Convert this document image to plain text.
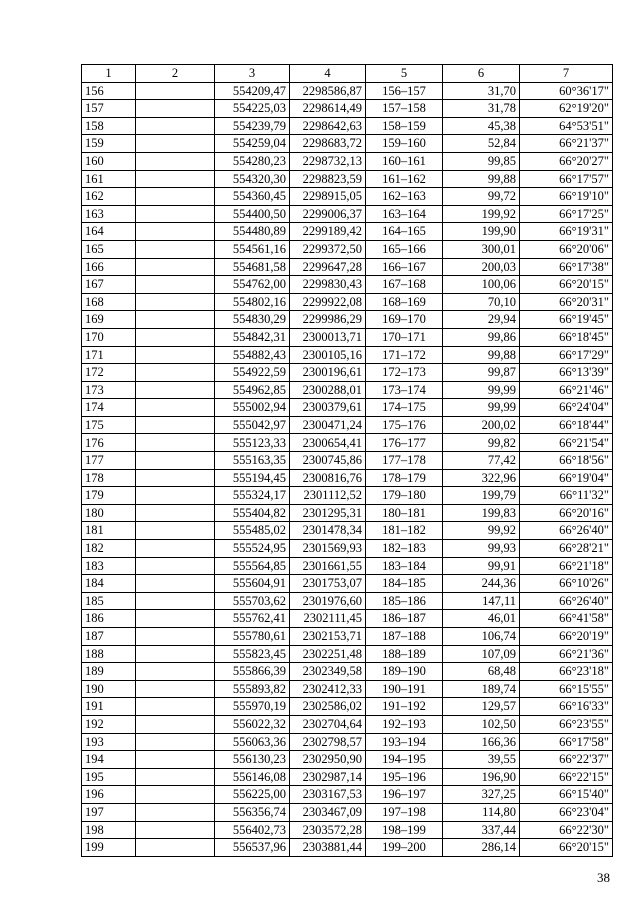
1	2	3	4	5	6	7
156		554209,47	2298586,87	156–157	31,70	60°36'17"
157		554225,03	2298614,49	157–158	31,78	62°19'20"
158		554239,79	2298642,63	158–159	45,38	64°53'51"
159		554259,04	2298683,72	159–160	52,84	66°21'37"
160		554280,23	2298732,13	160–161	99,85	66°20'27"
161		554320,30	2298823,59	161–162	99,88	66°17'57"
162		554360,45	2298915,05	162–163	99,72	66°19'10"
163		554400,50	2299006,37	163–164	199,92	66°17'25"
164		554480,89	2299189,42	164–165	199,90	66°19'31"
165		554561,16	2299372,50	165–166	300,01	66°20'06"
166		554681,58	2299647,28	166–167	200,03	66°17'38"
167		554762,00	2299830,43	167–168	100,06	66°20'15"
168		554802,16	2299922,08	168–169	70,10	66°20'31"
169		554830,29	2299986,29	169–170	29,94	66°19'45"
170		554842,31	2300013,71	170–171	99,86	66°18'45"
171		554882,43	2300105,16	171–172	99,88	66°17'29"
172		554922,59	2300196,61	172–173	99,87	66°13'39"
173		554962,85	2300288,01	173–174	99,99	66°21'46"
174		555002,94	2300379,61	174–175	99,99	66°24'04"
175		555042,97	2300471,24	175–176	200,02	66°18'44"
176		555123,33	2300654,41	176–177	99,82	66°21'54"
177		555163,35	2300745,86	177–178	77,42	66°18'56"
178		555194,45	2300816,76	178–179	322,96	66°19'04"
179		555324,17	2301112,52	179–180	199,79	66°11'32"
180		555404,82	2301295,31	180–181	199,83	66°20'16"
181		555485,02	2301478,34	181–182	99,92	66°26'40"
182		555524,95	2301569,93	182–183	99,93	66°28'21"
183		555564,85	2301661,55	183–184	99,91	66°21'18"
184		555604,91	2301753,07	184–185	244,36	66°10'26"
185		555703,62	2301976,60	185–186	147,11	66°26'40"
186		555762,41	2302111,45	186–187	46,01	66°41'58"
187		555780,61	2302153,71	187–188	106,74	66°20'19"
188		555823,45	2302251,48	188–189	107,09	66°21'36"
189		555866,39	2302349,58	189–190	68,48	66°23'18"
190		555893,82	2302412,33	190–191	189,74	66°15'55"
191		555970,19	2302586,02	191–192	129,57	66°16'33"
192		556022,32	2302704,64	192–193	102,50	66°23'55"
193		556063,36	2302798,57	193–194	166,36	66°17'58"
194		556130,23	2302950,90	194–195	39,55	66°22'37"
195		556146,08	2302987,14	195–196	196,90	66°22'15"
196		556225,00	2303167,53	196–197	327,25	66°15'40"
197		556356,74	2303467,09	197–198	114,80	66°23'04"
198		556402,73	2303572,28	198–199	337,44	66°22'30"
199		556537,96	2303881,44	199–200	286,14	66°20'15"
38
